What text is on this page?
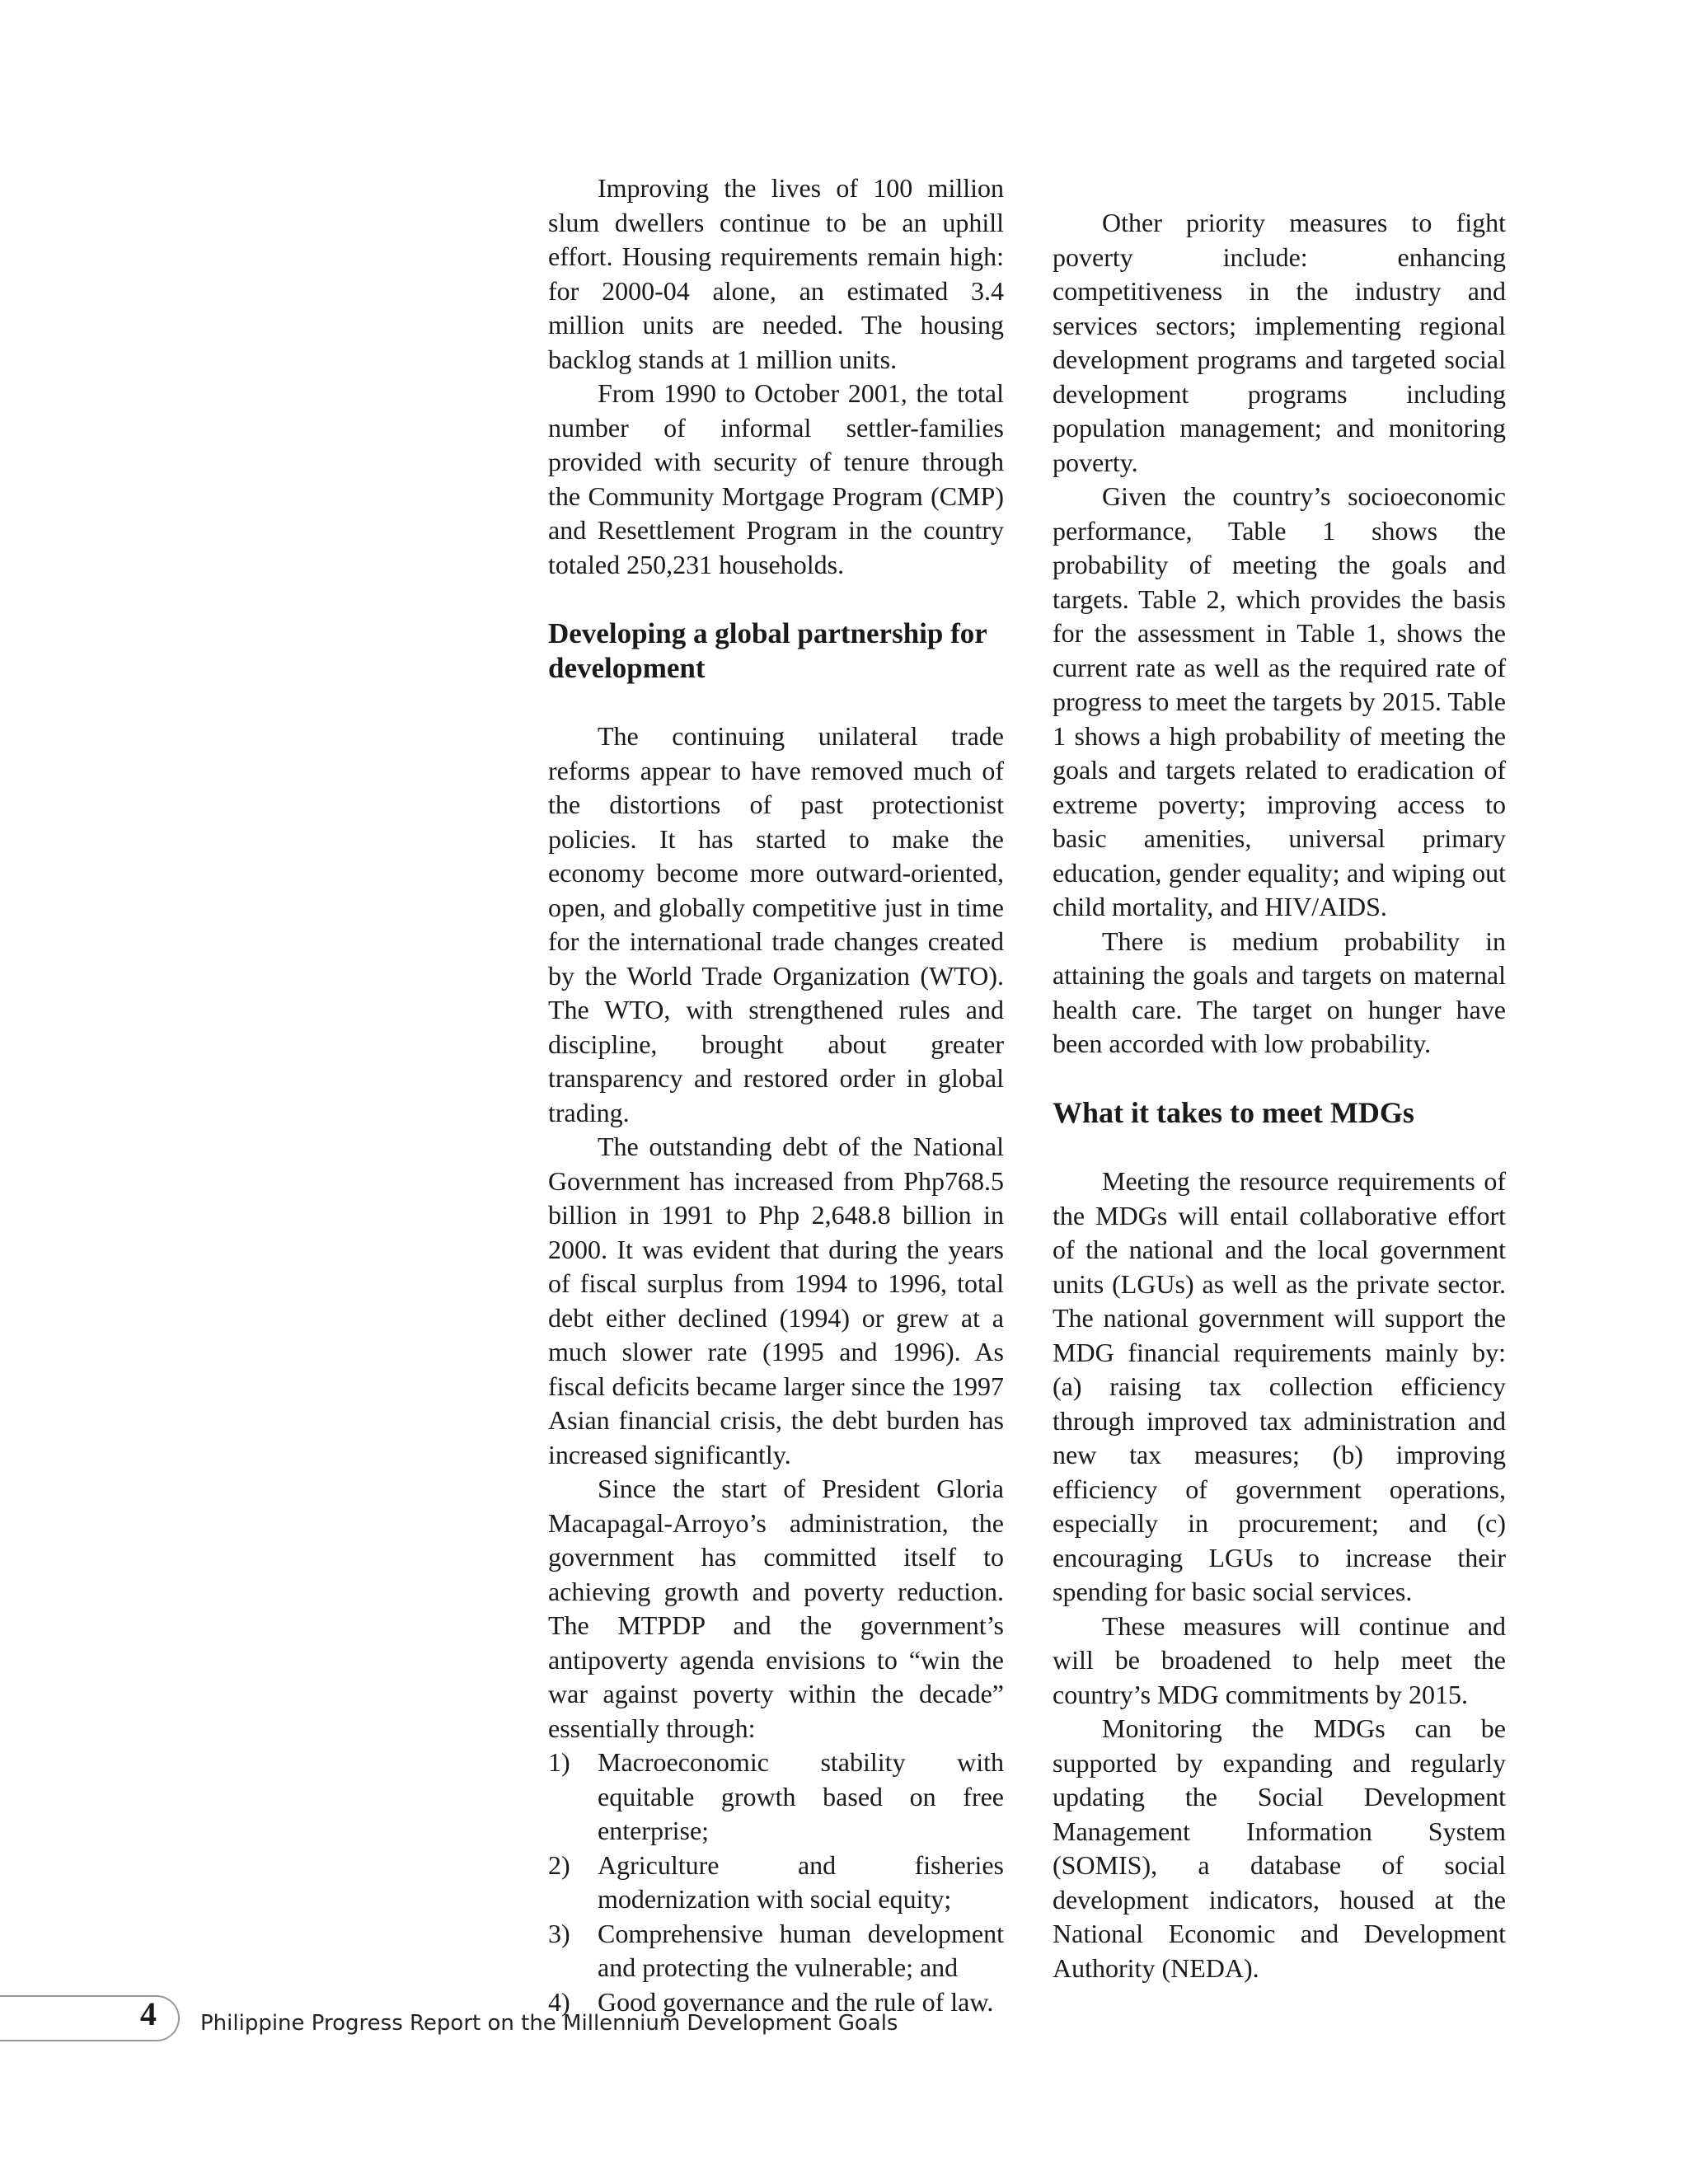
Improving the lives of 100 million slum dwellers continue to be an uphill effort. Housing requirements remain high: for 2000-04 alone, an estimated 3.4 million units are needed. The housing backlog stands at 1 million units.

From 1990 to October 2001, the total number of informal settler-families provided with security of tenure through the Community Mortgage Program (CMP) and Resettlement Program in the country totaled 250,231 households.

Developing a global partnership for development

The continuing unilateral trade reforms appear to have removed much of the distortions of past protectionist policies. It has started to make the economy become more outward-oriented, open, and globally competitive just in time for the international trade changes created by the World Trade Organization (WTO). The WTO, with strengthened rules and discipline, brought about greater transparency and restored order in global trading.

The outstanding debt of the National Government has increased from Php768.5 billion in 1991 to Php 2,648.8 billion in 2000. It was evident that during the years of fiscal surplus from 1994 to 1996, total debt either declined (1994) or grew at a much slower rate (1995 and 1996). As fiscal deficits became larger since the 1997 Asian financial crisis, the debt burden has increased significantly.

Since the start of President Gloria Macapagal-Arroyo’s administration, the government has committed itself to achieving growth and poverty reduction. The MTPDP and the government’s antipoverty agenda envisions to “win the war against poverty within the decade” essentially through:

1) Macroeconomic stability with equitable growth based on free enterprise;
2) Agriculture and fisheries modernization with social equity;
3) Comprehensive human development and protecting the vulnerable; and
4) Good governance and the rule of law.

Other priority measures to fight poverty include: enhancing competitiveness in the industry and services sectors; implementing regional development programs and targeted social development programs including population management; and monitoring poverty.

Given the country’s socioeconomic performance, Table 1 shows the probability of meeting the goals and targets. Table 2, which provides the basis for the assessment in Table 1, shows the current rate as well as the required rate of progress to meet the targets by 2015. Table 1 shows a high probability of meeting the goals and targets related to eradication of extreme poverty; improving access to basic amenities, universal primary education, gender equality; and wiping out child mortality, and HIV/AIDS.

There is medium probability in attaining the goals and targets on maternal health care. The target on hunger have been accorded with low probability.

What it takes to meet MDGs

Meeting the resource requirements of the MDGs will entail collaborative effort of the national and the local government units (LGUs) as well as the private sector. The national government will support the MDG financial requirements mainly by: (a) raising tax collection efficiency through improved tax administration and new tax measures; (b) improving efficiency of government operations, especially in procurement; and (c) encouraging LGUs to increase their spending for basic social services.

These measures will continue and will be broadened to help meet the country’s MDG commitments by 2015.

Monitoring the MDGs can be supported by expanding and regularly updating the Social Development Management Information System (SOMIS), a database of social development indicators, housed at the National Economic and Development Authority (NEDA).

4 Philippine Progress Report on the Millennium Development Goals
